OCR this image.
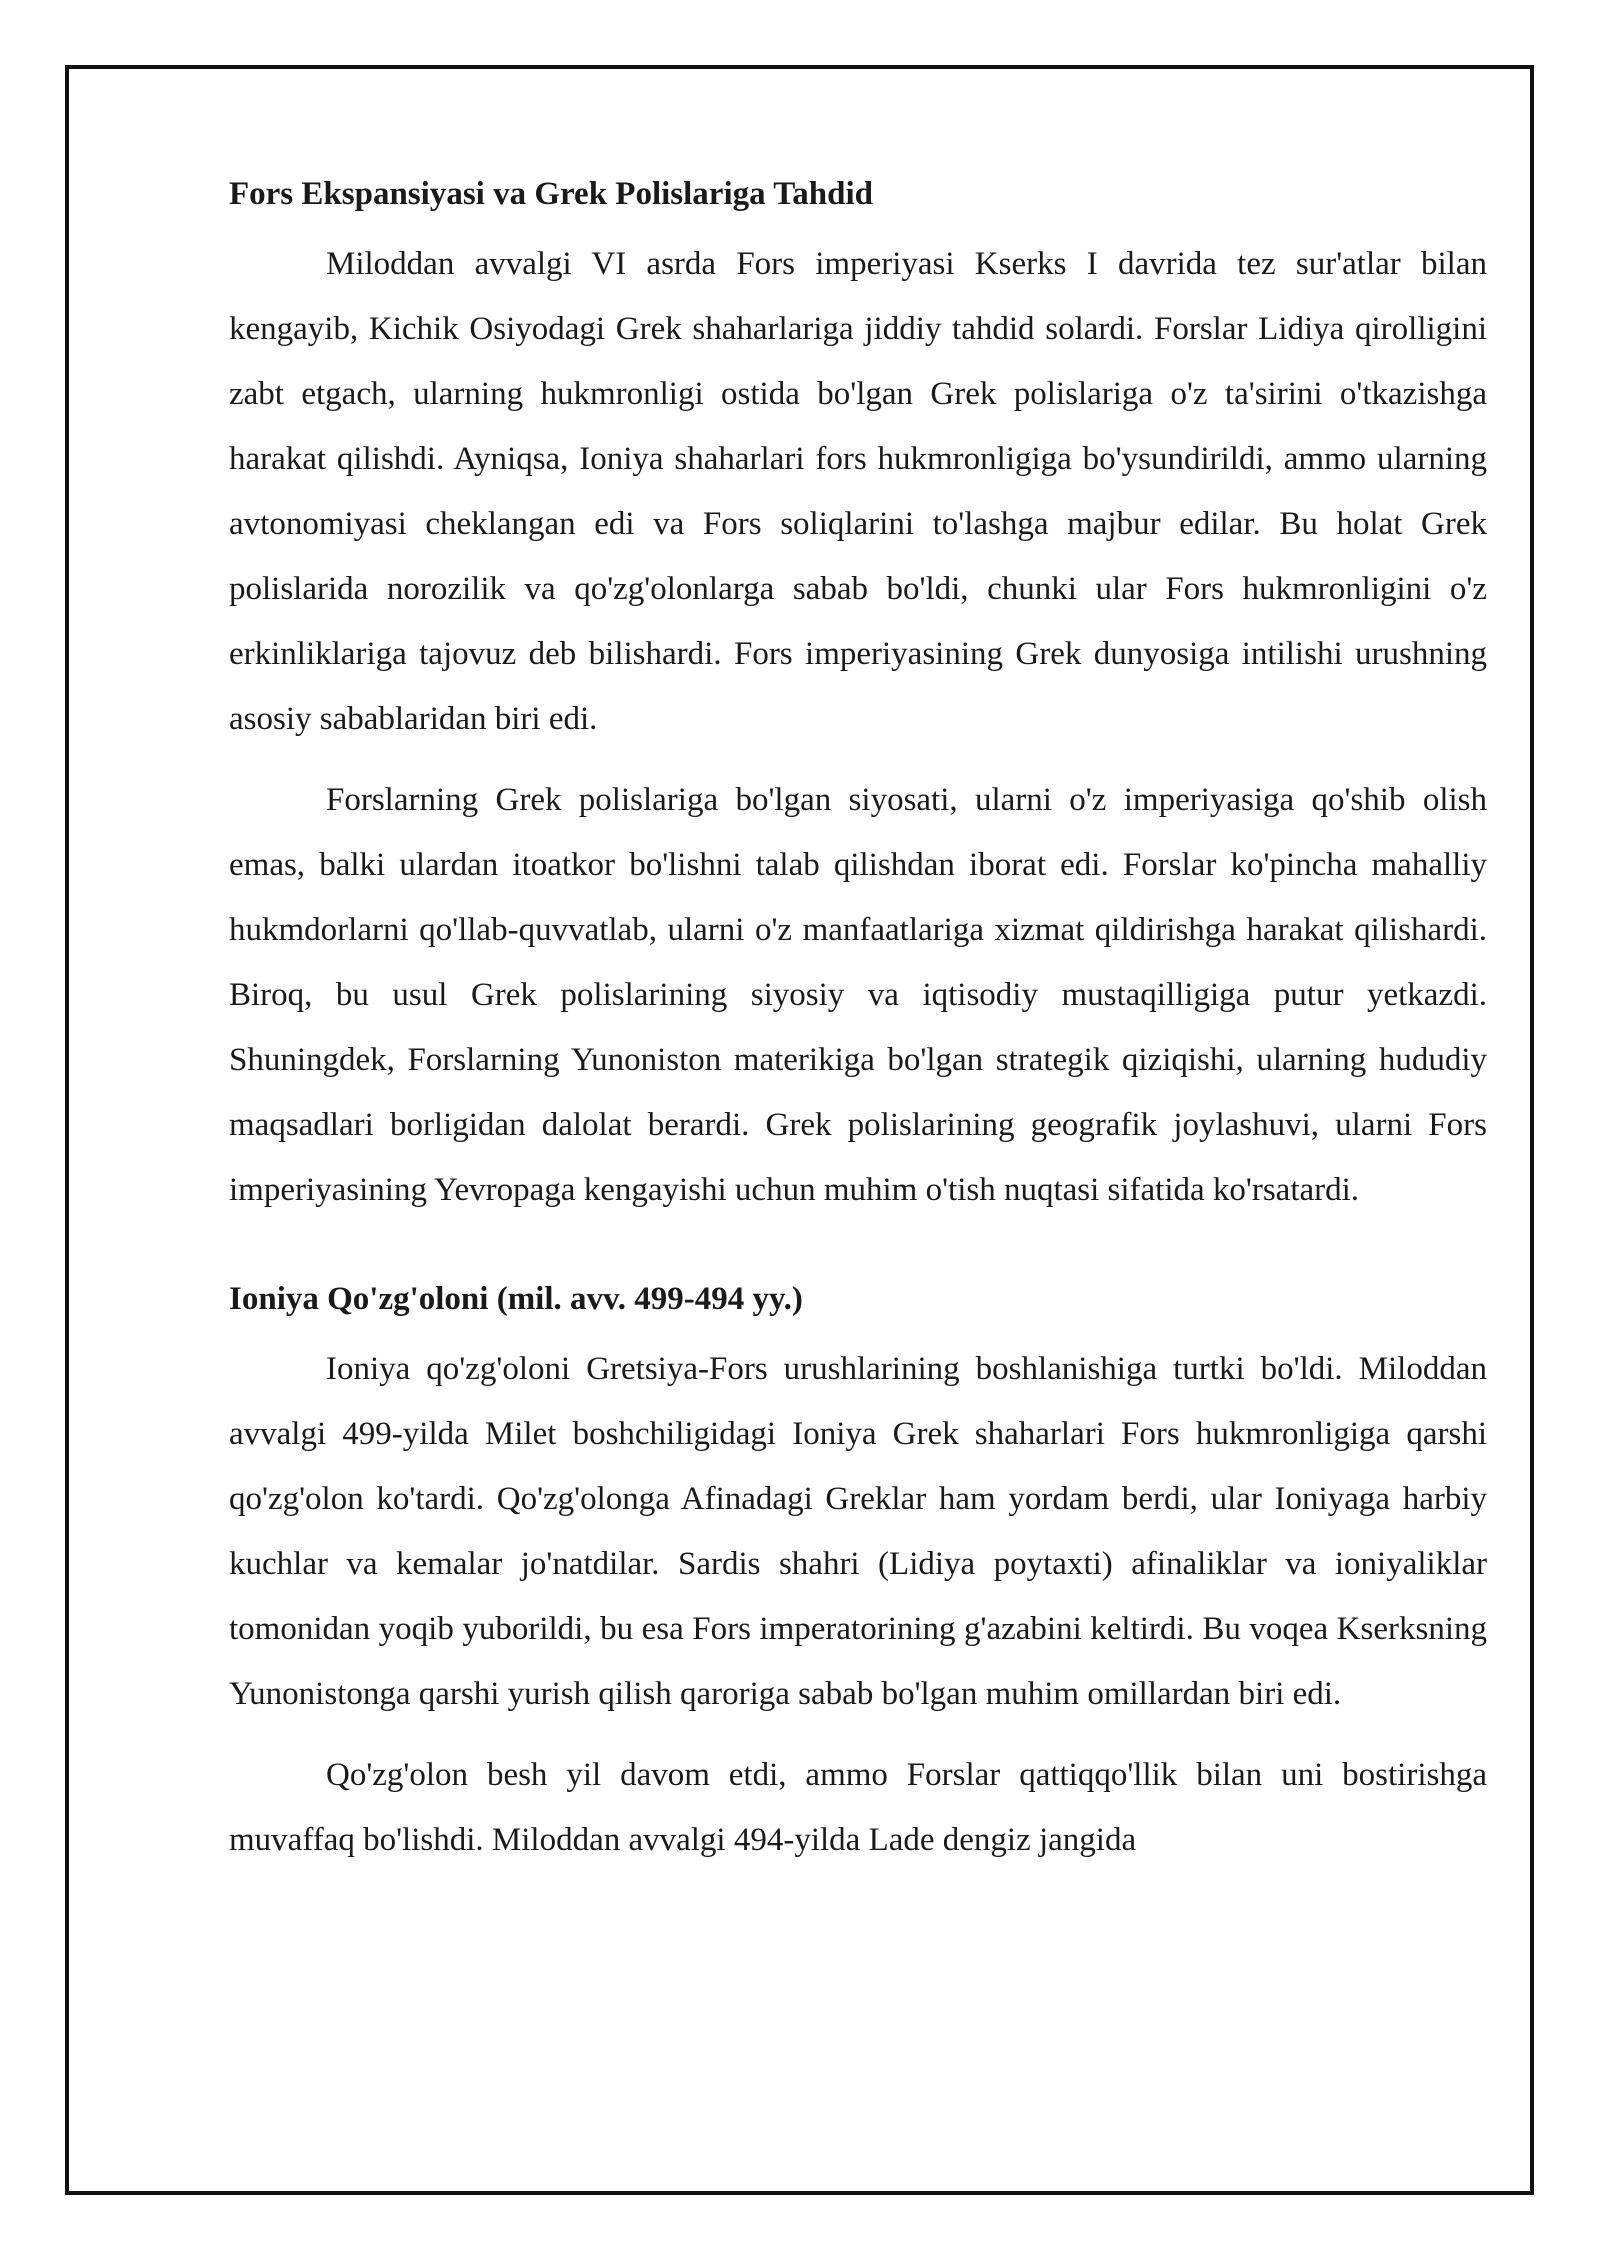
Fors Ekspansiyasi va Grek Polislariga Tahdid

Miloddan avvalgi VI asrda Fors imperiyasi Kserks I davrida tez sur'atlar bilan kengayib, Kichik Osiyodagi Grek shaharlariga jiddiy tahdid solardi. Forslar Lidiya qirolligini zabt etgach, ularning hukmronligi ostida bo'lgan Grek polislariga o'z ta'sirini o'tkazishga harakat qilishdi. Ayniqsa, Ioniya shaharlari fors hukmronligiga bo'ysundirildi, ammo ularning avtonomiyasi cheklangan edi va Fors soliqlarini to'lashga majbur edilar. Bu holat Grek polislarida norozilik va qo'zg'olonlarga sabab bo'ldi, chunki ular Fors hukmronligini o'z erkinliklariga tajovuz deb bilishardi. Fors imperiyasining Grek dunyosiga intilishi urushning asosiy sabablaridan biri edi.

Forslarning Grek polislariga bo'lgan siyosati, ularni o'z imperiyasiga qo'shib olish emas, balki ulardan itoatkor bo'lishni talab qilishdan iborat edi. Forslar ko'pincha mahalliy hukmdorlarni qo'llab-quvvatlab, ularni o'z manfaatlariga xizmat qildirishga harakat qilishardi. Biroq, bu usul Grek polislarining siyosiy va iqtisodiy mustaqilligiga putur yetkazdi. Shuningdek, Forslarning Yunoniston materikiga bo'lgan strategik qiziqishi, ularning hududiy maqsadlari borligidan dalolat berardi. Grek polislarining geografik joylashuvi, ularni Fors imperiyasining Yevropaga kengayishi uchun muhim o'tish nuqtasi sifatida ko'rsatardi.

Ioniya Qo'zg'oloni (mil. avv. 499-494 yy.)

Ioniya qo'zg'oloni Gretsiya-Fors urushlarining boshlanishiga turtki bo'ldi. Miloddan avvalgi 499-yilda Milet boshchiligidagi Ioniya Grek shaharlari Fors hukmronligiga qarshi qo'zg'olon ko'tardi. Qo'zg'olonga Afinadagi Greklar ham yordam berdi, ular Ioniyaga harbiy kuchlar va kemalar jo'natdilar. Sardis shahri (Lidiya poytaxti) afinaliklar va ioniyaliklar tomonidan yoqib yuborildi, bu esa Fors imperatorining g'azabini keltirdi. Bu voqea Kserksning Yunonistonga qarshi yurish qilish qaroriga sabab bo'lgan muhim omillardan biri edi.

Qo'zg'olon besh yil davom etdi, ammo Forslar qattiqqo'llik bilan uni bostirishga muvaffaq bo'lishdi. Miloddan avvalgi 494-yilda Lade dengiz jangida
